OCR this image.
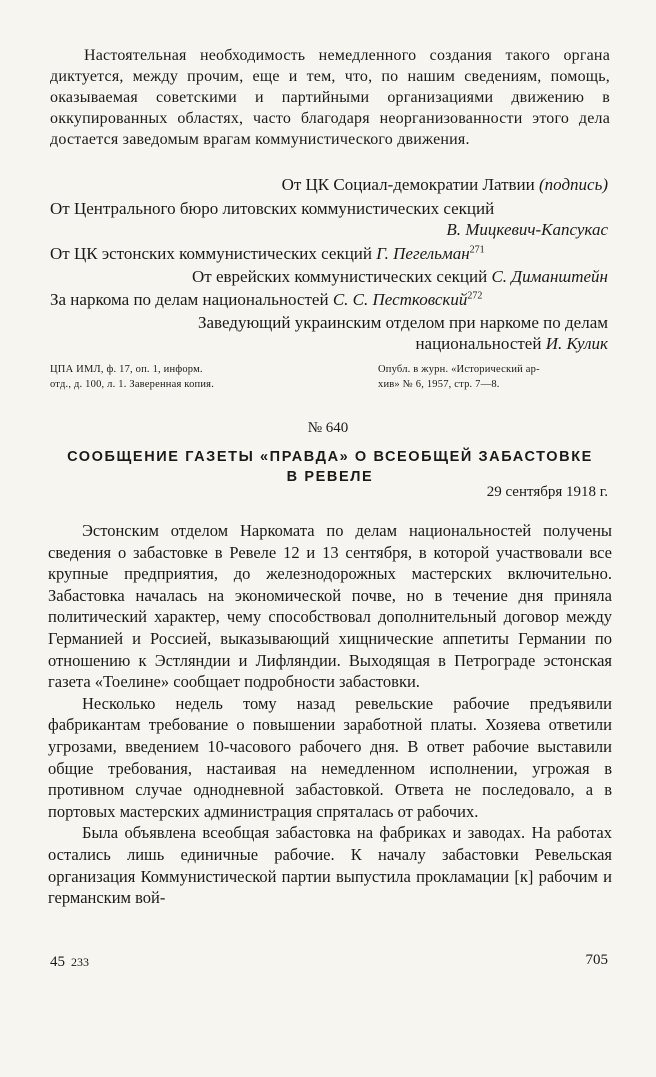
Настоятельная необходимость немедленного создания такого органа диктуется, между прочим, еще и тем, что, по нашим сведениям, помощь, оказываемая советскими и партийными организациями движению в оккупированных областях, часто благодаря неорганизованности этого дела достается заведомым врагам коммунистического движения.

От ЦК Социал-демократии Латвии (подпись)
От Центрального бюро литовских коммунистических секций
В. Мицкевич-Капсукас
От ЦК эстонских коммунистических секций Г. Пегельман$^{271}$
От еврейских коммунистических секций С. Диманштейн
За наркома по делам национальностей С. С. Пестковский$^{272}$
Заведующий украинским отделом при наркоме по делам
национальностей И. Кулик
ЦПА ИМЛ, ф. 17, оп. 1, информ.
отд., д. 100, л. 1. Заверенная копия.
Опубл. в журн. «Исторический ар-
хив» № 6, 1957, стр. 7—8.
№ 640
СООБЩЕНИЕ ГАЗЕТЫ «ПРАВДА» О ВСЕОБЩЕЙ ЗАБАСТОВКЕ
В РЕВЕЛЕ
29 сентября 1918 г.

Эстонским отделом Наркомата по делам национальностей получены сведения о забастовке в Ревеле 12 и 13 сентября, в которой участвовали все крупные предприятия, до железнодорожных мастерских включительно. Забастовка началась на экономической почве, но в течение дня приняла политический характер, чему способствовал дополнительный договор между Германией и Россией, выказывающий хищнические аппетиты Германии по отношению к Эстляндии и Лифляндии. Выходящая в Петрограде эстонская газета «Тоелине» сообщает подробности забастовки.

Несколько недель тому назад ревельские рабочие предъявили фабрикантам требование о повышении заработной платы. Хозяева ответили угрозами, введением 10-часового рабочего дня. В ответ рабочие выставили общие требования, настаивая на немедленном исполнении, угрожая в противном случае однодневной забастовкой. Ответа не последовало, а в портовых мастерских администрация спряталась от рабочих.

Была объявлена всеобщая забастовка на фабриках и заводах. На работах остались лишь единичные рабочие. К началу забастовки Ревельская организация Коммунистической партии выпустила прокламации [к] рабочим и германским вой-

45 233	705
